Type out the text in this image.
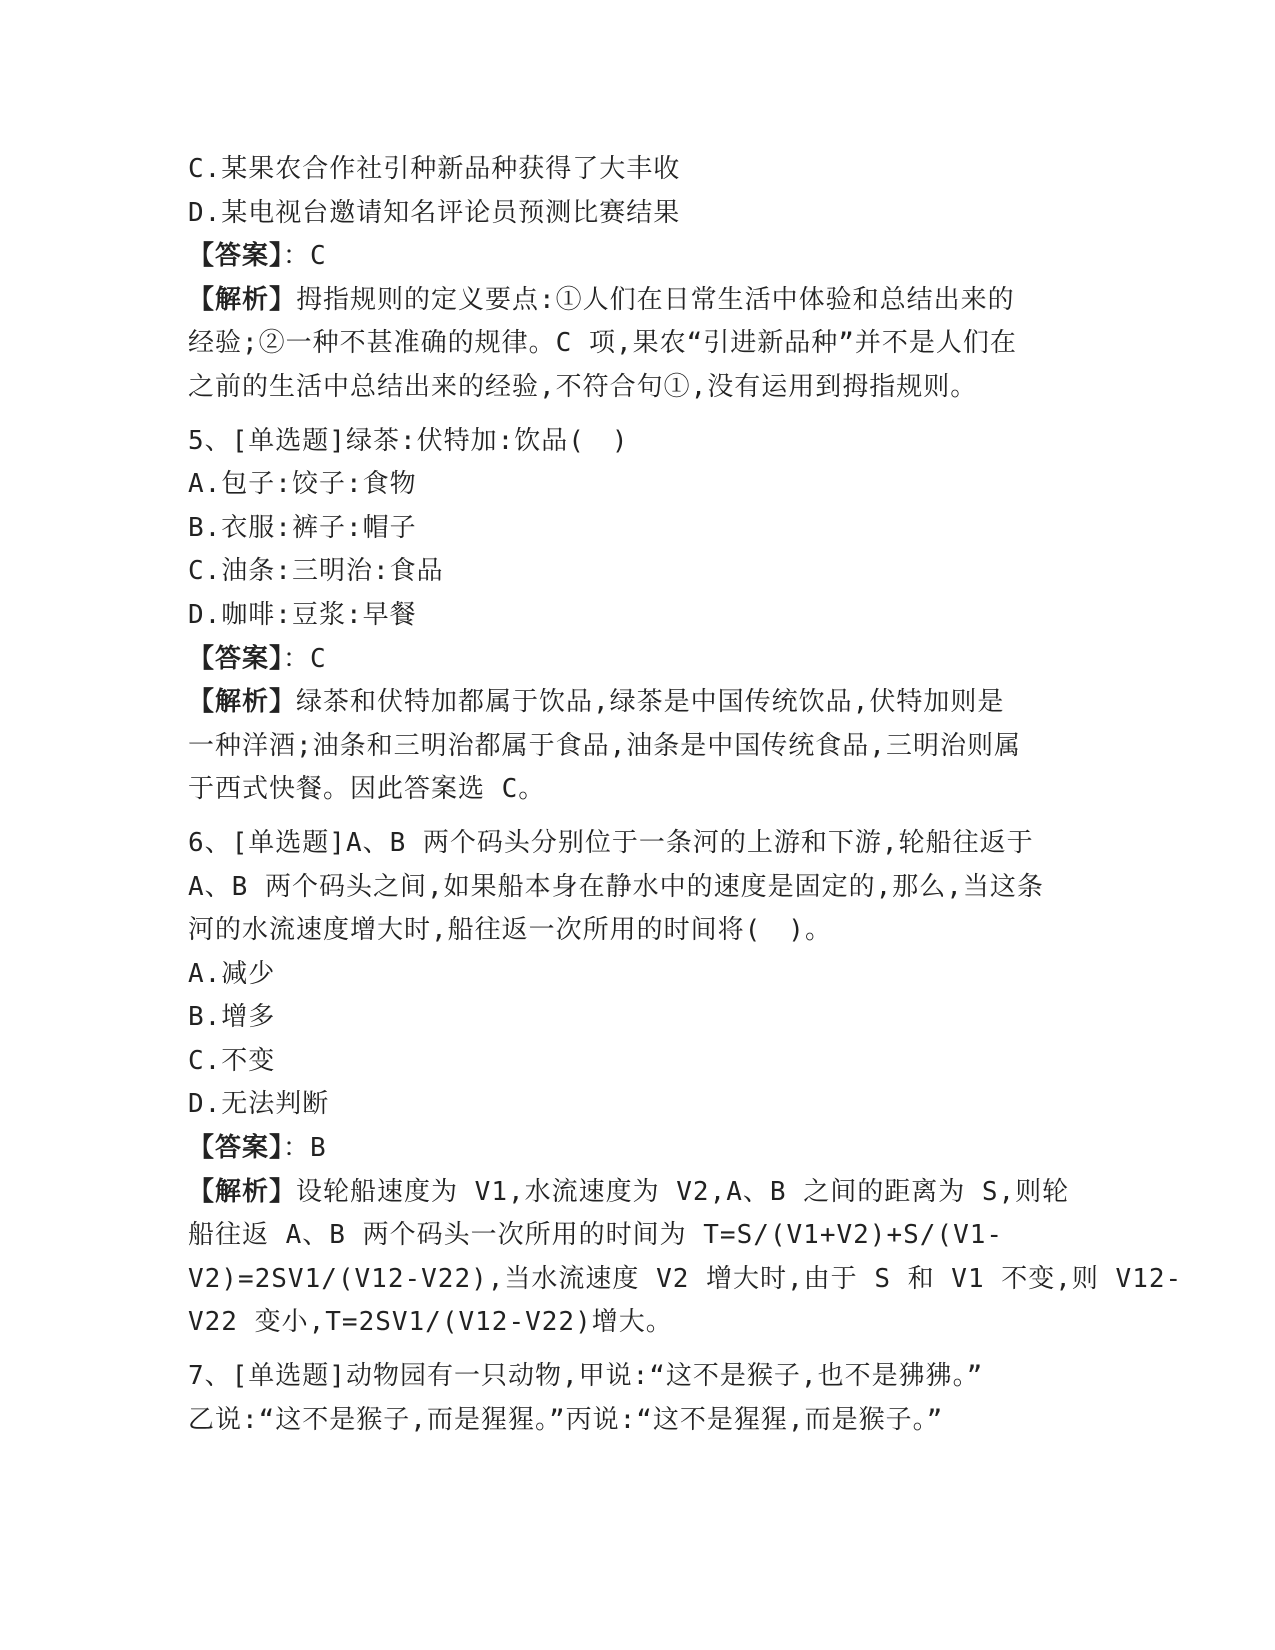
C.某果农合作社引种新品种获得了大丰收
D.某电视台邀请知名评论员预测比赛结果
【答案】：C
【解析】拇指规则的定义要点:①人们在日常生活中体验和总结出来的
经验;②一种不甚准确的规律。C 项,果农“引进新品种”并不是人们在
之前的生活中总结出来的经验,不符合句①,没有运用到拇指规则。
5、[单选题]绿茶:伏特加:饮品(　)
A.包子:饺子:食物
B.衣服:裤子:帽子
C.油条:三明治:食品
D.咖啡:豆浆:早餐
【答案】：C
【解析】绿茶和伏特加都属于饮品,绿茶是中国传统饮品,伏特加则是
一种洋酒;油条和三明治都属于食品,油条是中国传统食品,三明治则属
于西式快餐。因此答案选 C。
6、[单选题]A、B 两个码头分别位于一条河的上游和下游,轮船往返于
A、B 两个码头之间,如果船本身在静水中的速度是固定的,那么,当这条
河的水流速度增大时,船往返一次所用的时间将(　)。
A.减少
B.增多
C.不变
D.无法判断
【答案】：B
【解析】设轮船速度为 V1,水流速度为 V2,A、B 之间的距离为 S,则轮
船往返 A、B 两个码头一次所用的时间为 T=S/(V1+V2)+S/(V1-
V2)=2SV1/(V12-V22),当水流速度 V2 增大时,由于 S 和 V1 不变,则 V12-
V22 变小,T=2SV1/(V12-V22)增大。
7、[单选题]动物园有一只动物,甲说:“这不是猴子,也不是狒狒。”
乙说:“这不是猴子,而是猩猩。”丙说:“这不是猩猩,而是猴子。”
